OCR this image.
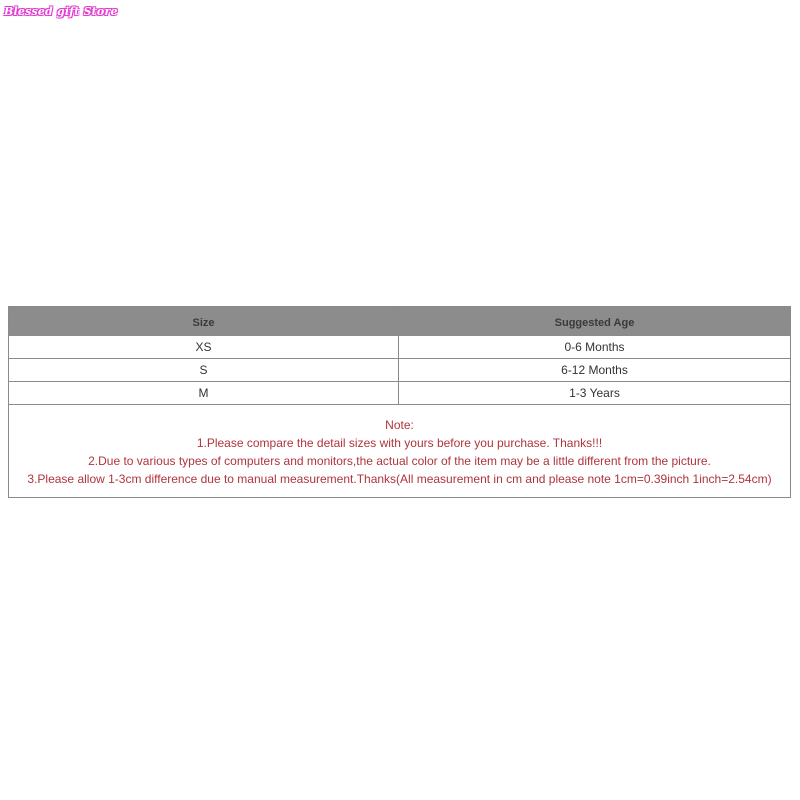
Blessed gift Store
Size	Suggested Age
XS	0-6 Months
S	6-12 Months
M	1-3 Years
Note:
1.Please compare the detail sizes with yours before you purchase. Thanks!!!
2.Due to various types of computers and monitors,the actual color of the item may be a little different from the picture.
3.Please allow 1-3cm difference due to manual measurement.Thanks(All measurement in cm and please note 1cm=0.39inch 1inch=2.54cm)
